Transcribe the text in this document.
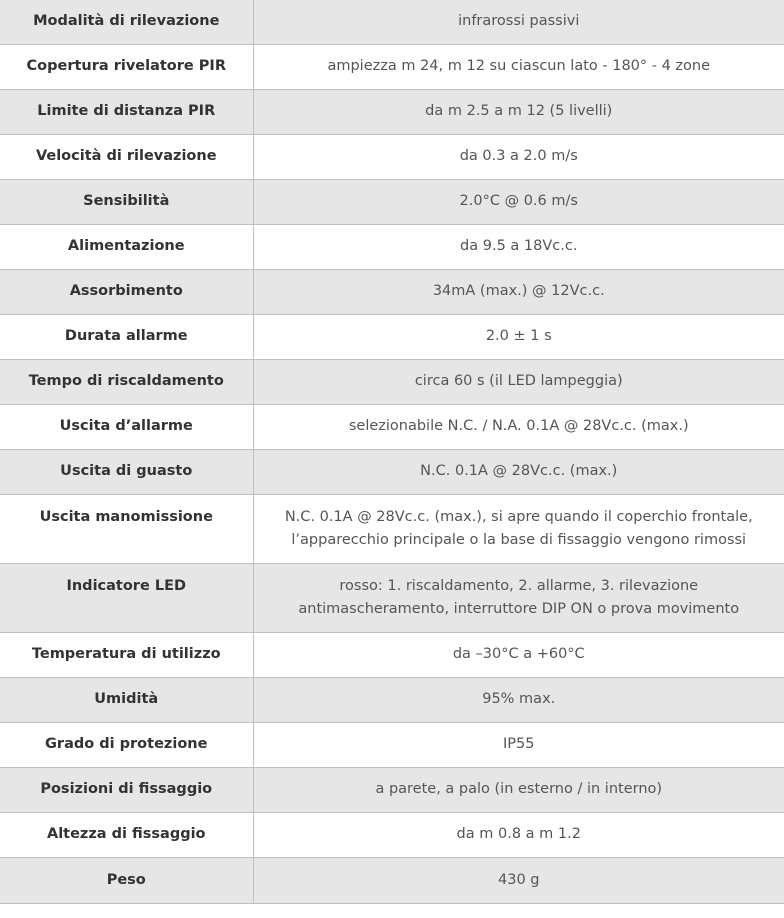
Modalità di rilevazione	infrarossi passivi
Copertura rivelatore PIR	ampiezza m 24, m 12 su ciascun lato - 180° - 4 zone
Limite di distanza PIR	da m 2.5 a m 12 (5 livelli)
Velocità di rilevazione	da 0.3 a 2.0 m/s
Sensibilità	2.0°C @ 0.6 m/s
Alimentazione	da 9.5 a 18Vc.c.
Assorbimento	34mA (max.) @ 12Vc.c.
Durata allarme	2.0 ± 1 s
Tempo di riscaldamento	circa 60 s (il LED lampeggia)
Uscita d’allarme	selezionabile N.C. / N.A. 0.1A @ 28Vc.c. (max.)
Uscita di guasto	N.C. 0.1A @ 28Vc.c. (max.)
Uscita manomissione	N.C. 0.1A @ 28Vc.c. (max.), si apre quando il coperchio frontale, l’apparecchio principale o la base di fissaggio vengono rimossi
Indicatore LED	rosso: 1. riscaldamento, 2. allarme, 3. rilevazione antimascheramento, interruttore DIP ON o prova movimento
Temperatura di utilizzo	da –30°C a +60°C
Umidità	95% max.
Grado di protezione	IP55
Posizioni di fissaggio	a parete, a palo (in esterno / in interno)
Altezza di fissaggio	da m 0.8 a m 1.2
Peso	430 g
